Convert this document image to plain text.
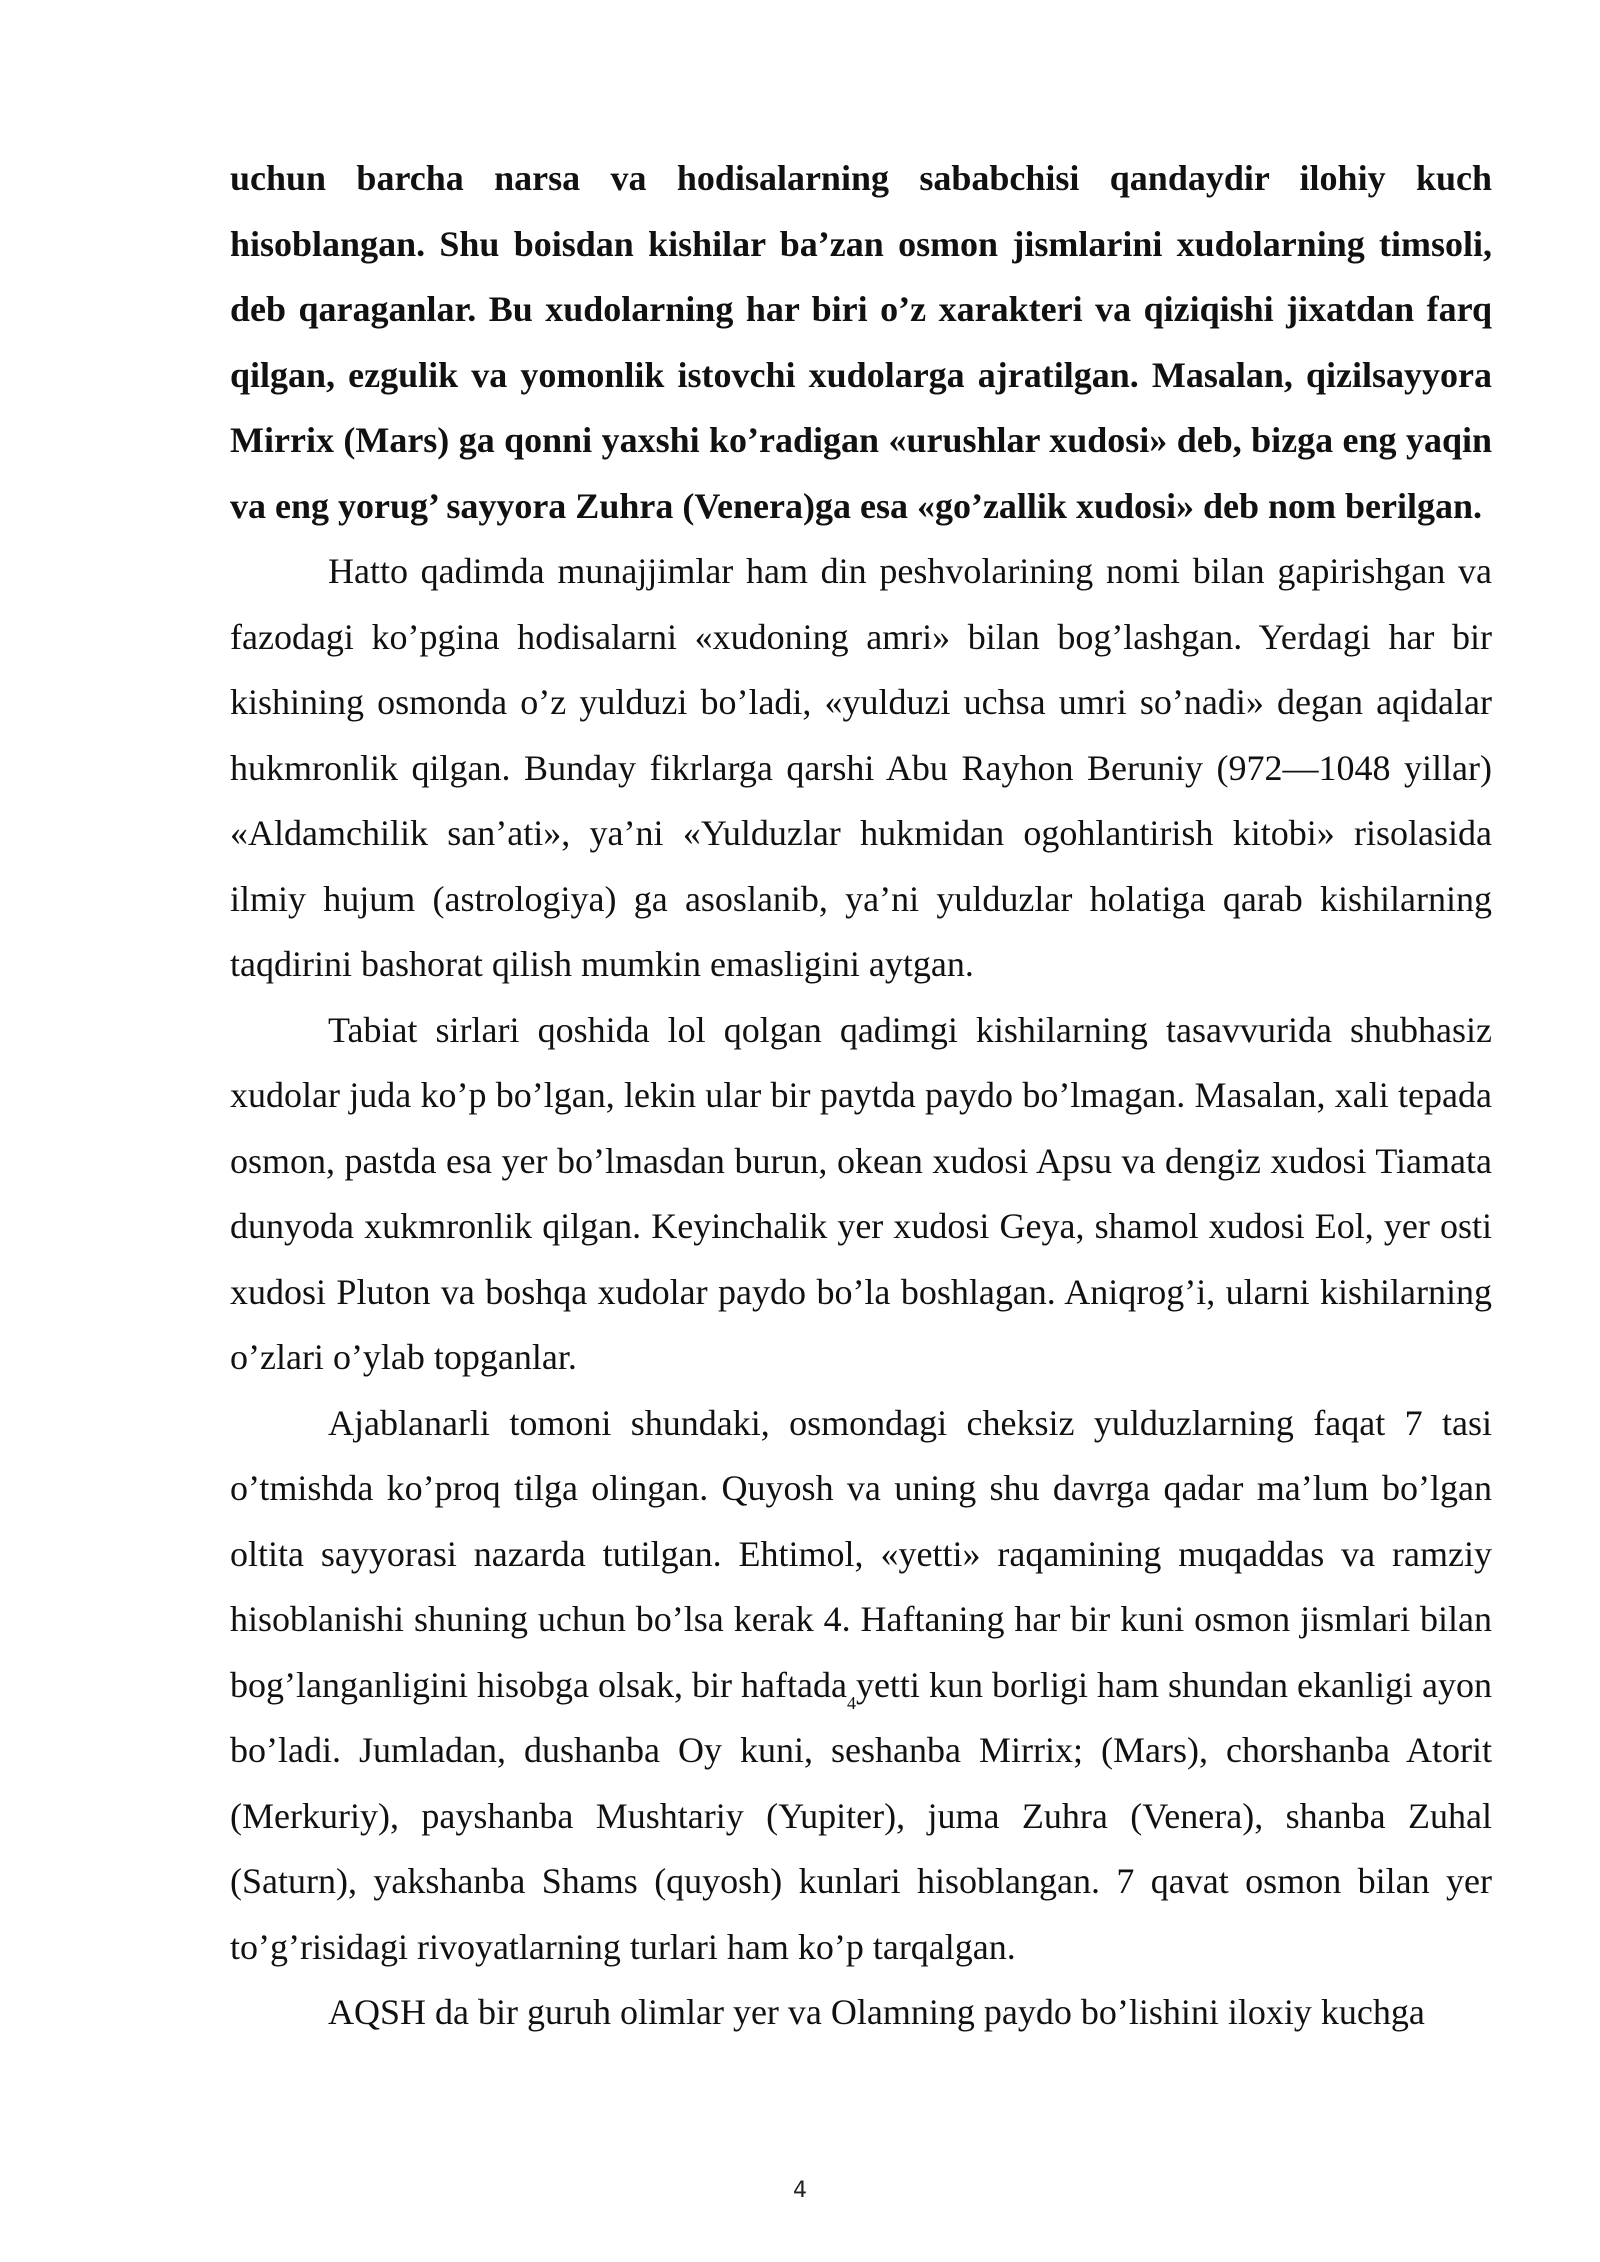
uchun barcha narsa va hodisalarning sababchisi qandaydir ilohiy kuch hisoblangan. Shu boisdan kishilar ba’zan osmon jismlarini xudolarning timsoli, deb qaraganlar. Bu xudolarning har biri o’z xarakteri va qiziqishi jixatdan farq qilgan, ezgulik va yomonlik istovchi xudolarga ajratilgan. Masalan, qizilsayyora Mirrix (Mars) ga qonni yaxshi ko’radigan «urushlar xudosi» deb, bizga eng yaqin va eng yorug’ sayyora Zuhra (Venera)ga esa «go’zallik xudosi» deb nom berilgan.

Hatto qadimda munajjimlar ham din peshvolarining nomi bilan gapirishgan va fazodagi ko’pgina hodisalarni «xudoning amri» bilan bog’lashgan. Yerdagi har bir kishining osmonda o’z yulduzi bo’ladi, «yulduzi uchsa umri so’nadi» degan aqidalar hukmronlik qilgan. Bunday fikrlarga qarshi Abu Rayhon Beruniy (972—1048 yillar) «Aldamchilik san’ati», ya’ni «Yulduzlar hukmidan ogohlantirish kitobi» risolasida ilmiy hujum (astrologiya) ga asoslanib, ya’ni yulduzlar holatiga qarab kishilarning taqdirini bashorat qilish mumkin emasligini aytgan.

Tabiat sirlari qoshida lol qolgan qadimgi kishilarning tasavvurida shubhasiz xudolar juda ko’p bo’lgan, lekin ular bir paytda paydo bo’lmagan. Masalan, xali tepada osmon, pastda esa yer bo’lmasdan burun, okean xudosi Apsu va dengiz xudosi Tiamata dunyoda xukmronlik qilgan. Keyinchalik yer xudosi Geya, shamol xudosi Eol, yer osti xudosi Pluton va boshqa xudolar paydo bo’la boshlagan. Aniqrog’i, ularni kishilarning o’zlari o’ylab topganlar.

Ajablanarli tomoni shundaki, osmondagi cheksiz yulduzlarning faqat 7 tasi o’tmishda ko’proq tilga olingan. Quyosh va uning shu davrga qadar ma’lum bo’lgan oltita sayyorasi nazarda tutilgan. Ehtimol, «yetti» raqamining muqaddas va ramziy hisoblanishi shuning uchun bo’lsa kerak 4. Haftaning har bir kuni osmon jismlari bilan bog’langanligini hisobga olsak, bir haftada$_4$yetti kun borligi ham shundan ekanligi ayon bo’ladi. Jumladan, dushanba Oy kuni, seshanba Mirrix; (Mars), chorshanba Atorit (Merkuriy), payshanba Mushtariy (Yupiter), juma Zuhra (Venera), shanba Zuhal (Saturn), yakshanba Shams (quyosh) kunlari hisoblangan. 7 qavat osmon bilan yer to’g’risidagi rivoyatlarning turlari ham ko’p tarqalgan.

AQSH da bir guruh olimlar yer va Olamning paydo bo’lishini iloxiy kuchga

4
